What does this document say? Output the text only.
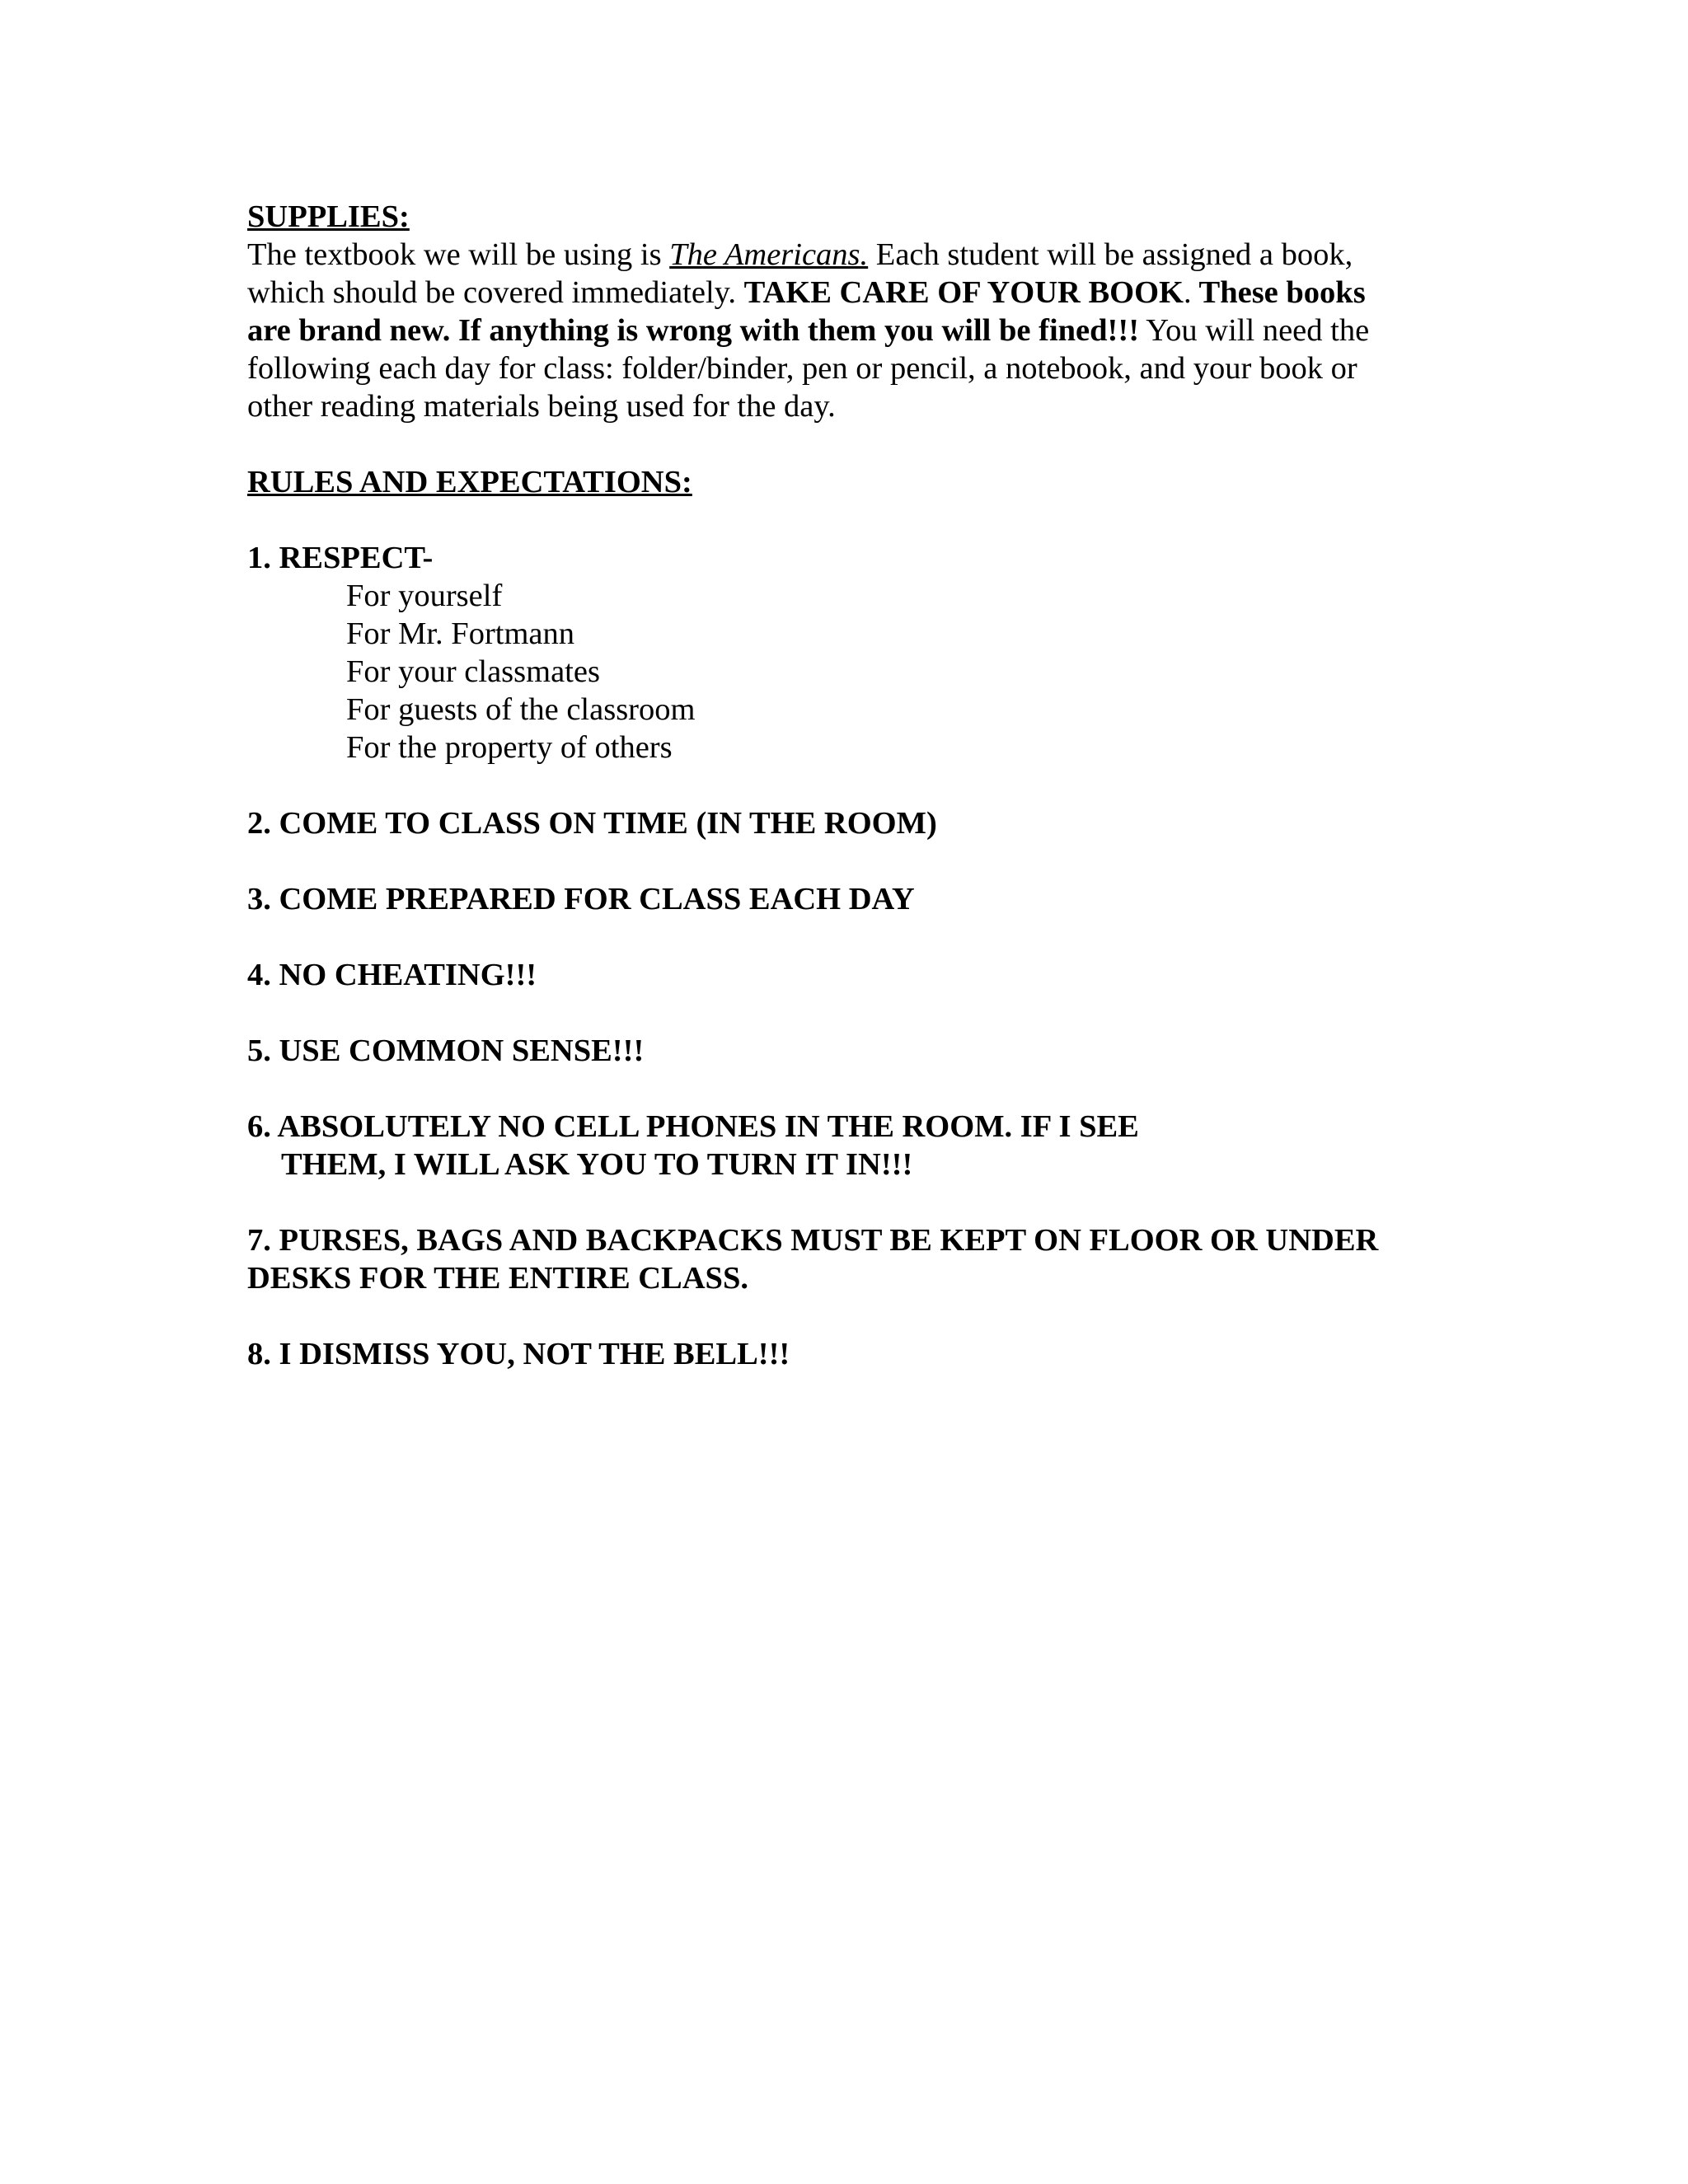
SUPPLIES:
The textbook we will be using is The Americans. Each student will be assigned a book,
which should be covered immediately. TAKE CARE OF YOUR BOOK. These books
are brand new. If anything is wrong with them you will be fined!!! You will need the
following each day for class: folder/binder, pen or pencil, a notebook, and your book or
other reading materials being used for the day.
RULES AND EXPECTATIONS:
1. RESPECT-
For yourself
For Mr. Fortmann
For your classmates
For guests of the classroom
For the property of others
2. COME TO CLASS ON TIME (IN THE ROOM)
3. COME PREPARED FOR CLASS EACH DAY
4. NO CHEATING!!!
5. USE COMMON SENSE!!!
6. ABSOLUTELY NO CELL PHONES IN THE ROOM. IF I SEE
THEM, I WILL ASK YOU TO TURN IT IN!!!
7. PURSES, BAGS AND BACKPACKS MUST BE KEPT ON FLOOR OR UNDER
DESKS FOR THE ENTIRE CLASS.
8. I DISMISS YOU, NOT THE BELL!!!
